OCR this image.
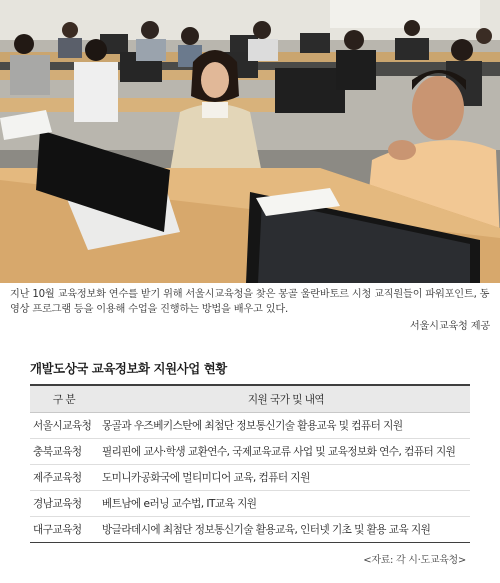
지난 10월 교육정보화 연수를 받기 위해 서울시교육청을 찾은 몽골 울란바토르 시청 교직원들이 파워포인트, 동영상 프로그램 등을 이용해 수업을 진행하는 방법을 배우고 있다.

서울시교육청 제공

개발도상국 교육정보화 지원사업 현황
구 분	지원 국가 및 내역
서울시교육청 몽골과 우즈베키스탄에 최첨단 정보통신기술 활용교육 및 컴퓨터 지원
충북교육청	필리핀에 교사·학생 교환연수, 국제교육교류 사업 및 교육정보화 연수, 컴퓨터 지원
제주교육청	도미니카공화국에 멀티미디어 교육, 컴퓨터 지원
경남교육청	베트남에 e러닝 교수법, IT교육 지원
대구교육청	방글라데시에 최첨단 정보통신기술 활용교육, 인터넷 기초 및 활용 교육 지원

<자료: 각 시·도교육청>
